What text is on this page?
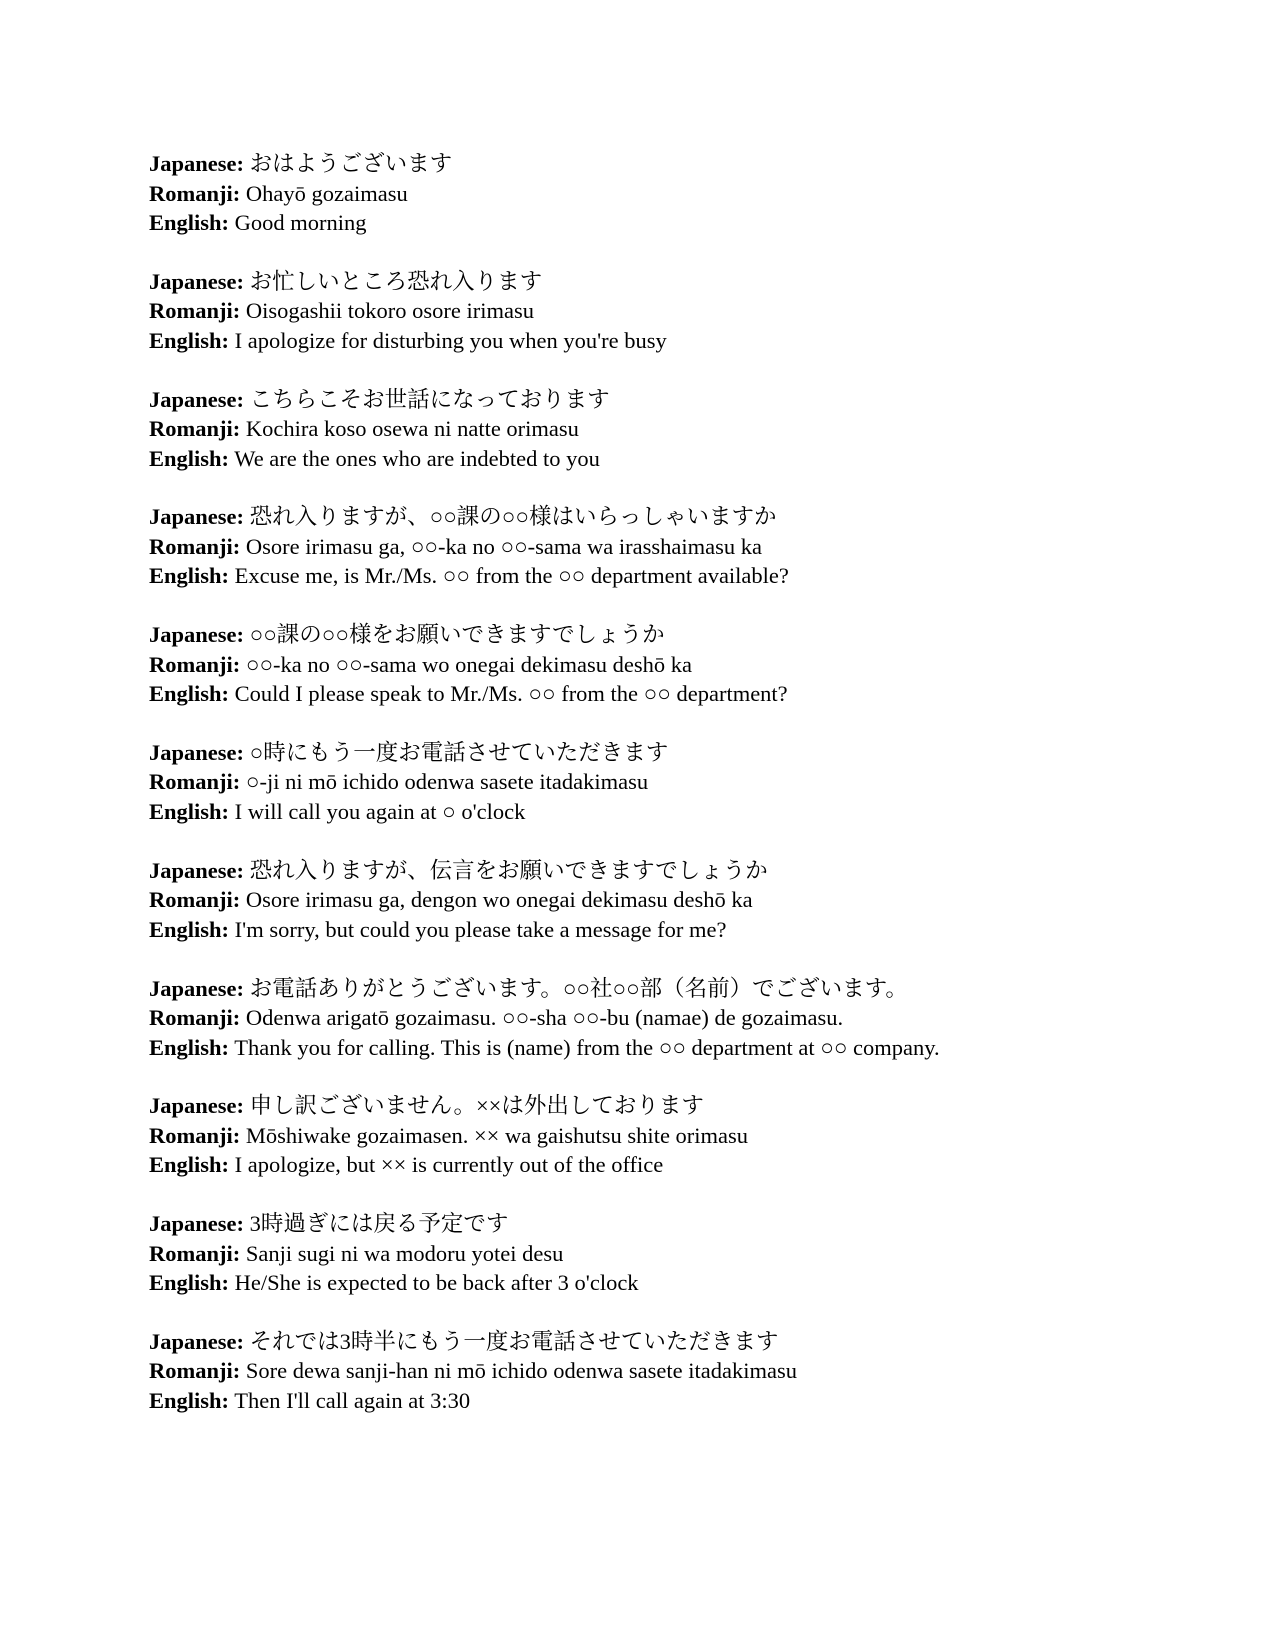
Japanese: おはようございます
Romanji: Ohayō gozaimasu
English: Good morning
Japanese: お忙しいところ恐れ入ります
Romanji: Oisogashii tokoro osore irimasu
English: I apologize for disturbing you when you're busy
Japanese: こちらこそお世話になっております
Romanji: Kochira koso osewa ni natte orimasu
English: We are the ones who are indebted to you
Japanese: 恐れ入りますが、○○課の○○様はいらっしゃいますか
Romanji: Osore irimasu ga, ○○-ka no ○○-sama wa irasshaimasu ka
English: Excuse me, is Mr./Ms. ○○ from the ○○ department available?
Japanese: ○○課の○○様をお願いできますでしょうか
Romanji: ○○-ka no ○○-sama wo onegai dekimasu deshō ka
English: Could I please speak to Mr./Ms. ○○ from the ○○ department?
Japanese: ○時にもう一度お電話させていただきます
Romanji: ○-ji ni mō ichido odenwa sasete itadakimasu
English: I will call you again at ○ o'clock
Japanese: 恐れ入りますが、伝言をお願いできますでしょうか
Romanji: Osore irimasu ga, dengon wo onegai dekimasu deshō ka
English: I'm sorry, but could you please take a message for me?
Japanese: お電話ありがとうございます。○○社○○部（名前）でございます。
Romanji: Odenwa arigatō gozaimasu. ○○-sha ○○-bu (namae) de gozaimasu.
English: Thank you for calling. This is (name) from the ○○ department at ○○ company.
Japanese: 申し訳ございません。××は外出しております
Romanji: Mōshiwake gozaimasen. ×× wa gaishutsu shite orimasu
English: I apologize, but ×× is currently out of the office
Japanese: 3時過ぎには戻る予定です
Romanji: Sanji sugi ni wa modoru yotei desu
English: He/She is expected to be back after 3 o'clock
Japanese: それでは3時半にもう一度お電話させていただきます
Romanji: Sore dewa sanji-han ni mō ichido odenwa sasete itadakimasu
English: Then I'll call again at 3:30
